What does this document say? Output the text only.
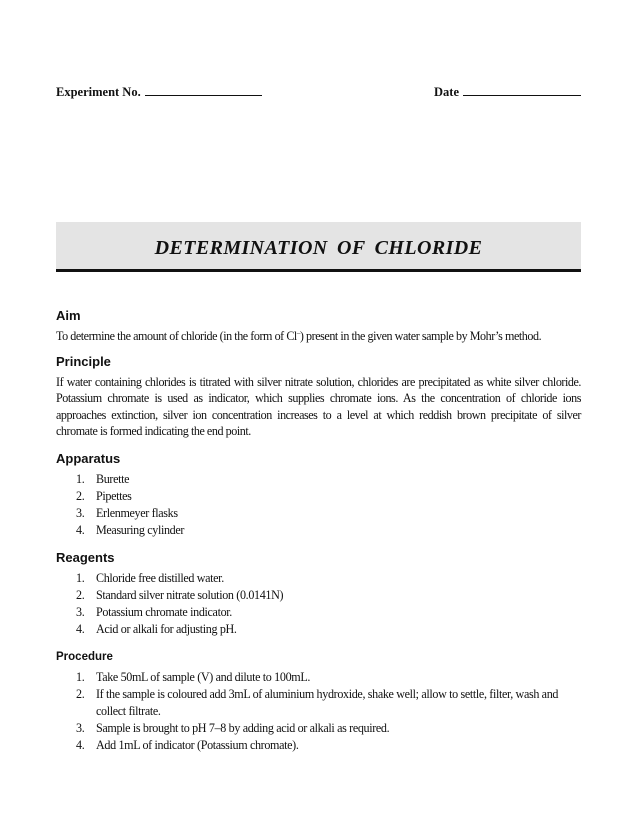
Experiment No.	Date
DETERMINATION OF CHLORIDE
Aim

To determine the amount of chloride (in the form of Cl–) present in the given water sample by Mohr’s method.

Principle

If water containing chlorides is titrated with silver nitrate solution, chlorides are precipitated as white silver chloride. Potassium chromate is used as indicator, which supplies chromate ions. As the concentration of chloride ions approaches extinction, silver ion concentration increases to a level at which reddish brown precipitate of silver chromate is formed indicating the end point.

Apparatus
1. Burette
2. Pipettes
3. Erlenmeyer flasks
4. Measuring cylinder
Reagents
1. Chloride free distilled water.
2. Standard silver nitrate solution (0.0141N)
3. Potassium chromate indicator.
4. Acid or alkali for adjusting pH.
Procedure
1. Take 50mL of sample (V) and dilute to 100mL.
2. If the sample is coloured add 3mL of aluminium hydroxide, shake well; allow to settle, filter, wash and collect filtrate.
3. Sample is brought to pH 7–8 by adding acid or alkali as required.
4. Add 1mL of indicator (Potassium chromate).
